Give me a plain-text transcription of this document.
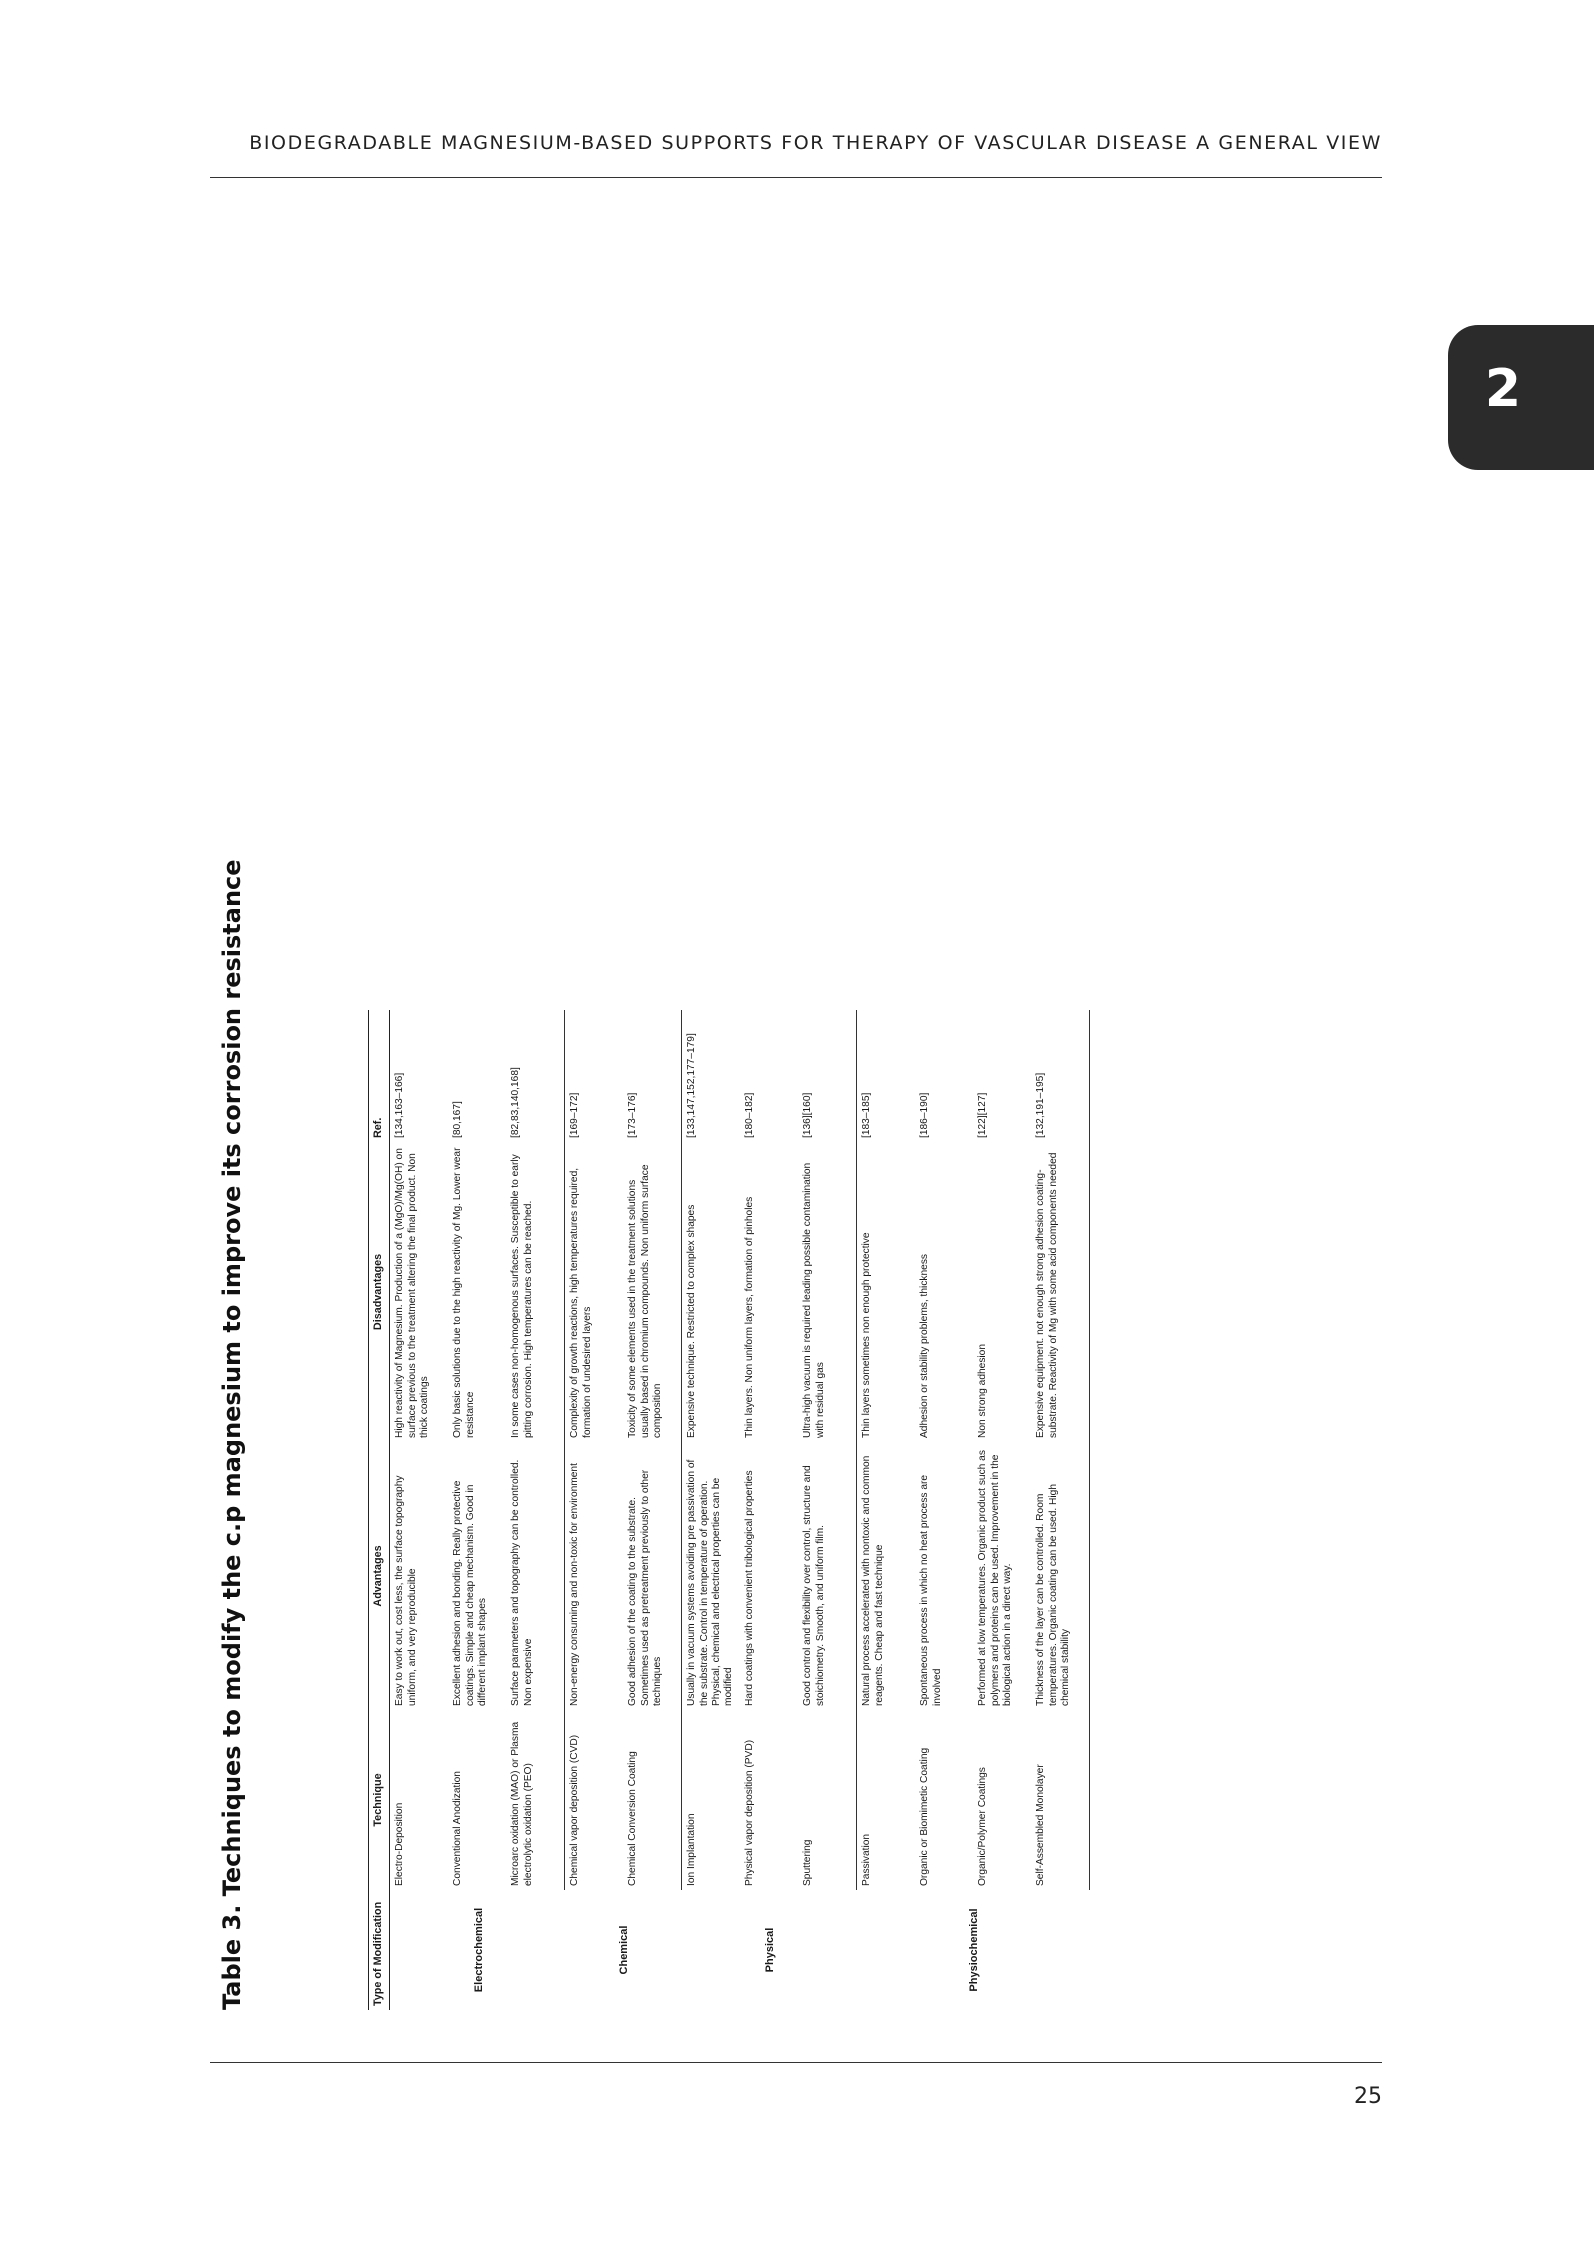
BIODEGRADABLE MAGNESIUM-BASED SUPPORTS FOR THERAPY OF VASCULAR DISEASE A GENERAL VIEW
2
Table 3. Techniques to modify the c.p magnesium to improve its corrosion resistance	Type of Modification	Technique	Advantages	Disadvantages	Ref.
Electrochemical	Electro-Deposition	Easy to work out, cost less, the surface topography uniform, and very reproducible	High reactivity of Magnesium. Production of a (MgO)/Mg(OH) on surface previous to the treatment altering the final product. Non thick coatings	[134,163–166]
	Conventional Anodization	Excellent adhesion and bonding. Really protective coatings. Simple and cheap mechanism. Good in different implant shapes	Only basic solutions due to the high reactivity of Mg. Lower wear resistance	[80,167]
	Microarc oxidation (MAO) or Plasma electrolytic oxidation (PEO)	Surface parameters and topography can be controlled. Non expensive	In some cases non-homogenous surfaces. Susceptible to early pitting corrosion. High temperatures can be reached.	[82,83,140,168]
Chemical	Chemical vapor deposition (CVD)	Non-energy consuming and non-toxic for environment	Complexity of growth reactions, high temperatures required, formation of undesired layers	[169–172]
	Chemical Conversion Coating	Good adhesion of the coating to the substrate. Sometimes used as pretreatment previously to other techniques	Toxicity of some elements used in the treatment solutions usually based in chromium compounds. Non uniform surface composition	[173–176]
Physical	Ion Implantation	Usually in vacuum systems avoiding pre passivation of the substrate. Control in temperature of operation. Physical, chemical and electrical properties can be modified	Expensive technique. Restricted to complex shapes	[133,147,152,177–179]
	Physical vapor deposition (PVD)	Hard coatings with convenient tribological properties	Thin layers. Non uniform layers, formation of pinholes	[180–182]
	Sputtering	Good control and flexibility over control, structure and stoichiometry. Smooth, and uniform film.	Ultra-high vacuum is required leading possible contamination with residual gas	[136][160]
Physiochemical	Passivation	Natural process accelerated with nontoxic and common reagents. Cheap and fast technique	Thin layers sometimes non enough protective	[183–185]
	Organic or Biomimetic Coating	Spontaneous process in which no heat process are involved	Adhesion or stability problems, thickness	[186–190]
	Organic/Polymer Coatings	Performed at low temperatures. Organic product such as polymers and proteins can be used. Improvement in the biological action in a direct way.	Non strong adhesion	[122][127]
	Self-Assembled Monolayer	Thickness of the layer can be controlled. Room temperatures. Organic coating can be used. High chemical stability	Expensive equipment. not enough strong adhesion coating-substrate. Reactivity of Mg with some acid components needed	[132,191–195]
25
